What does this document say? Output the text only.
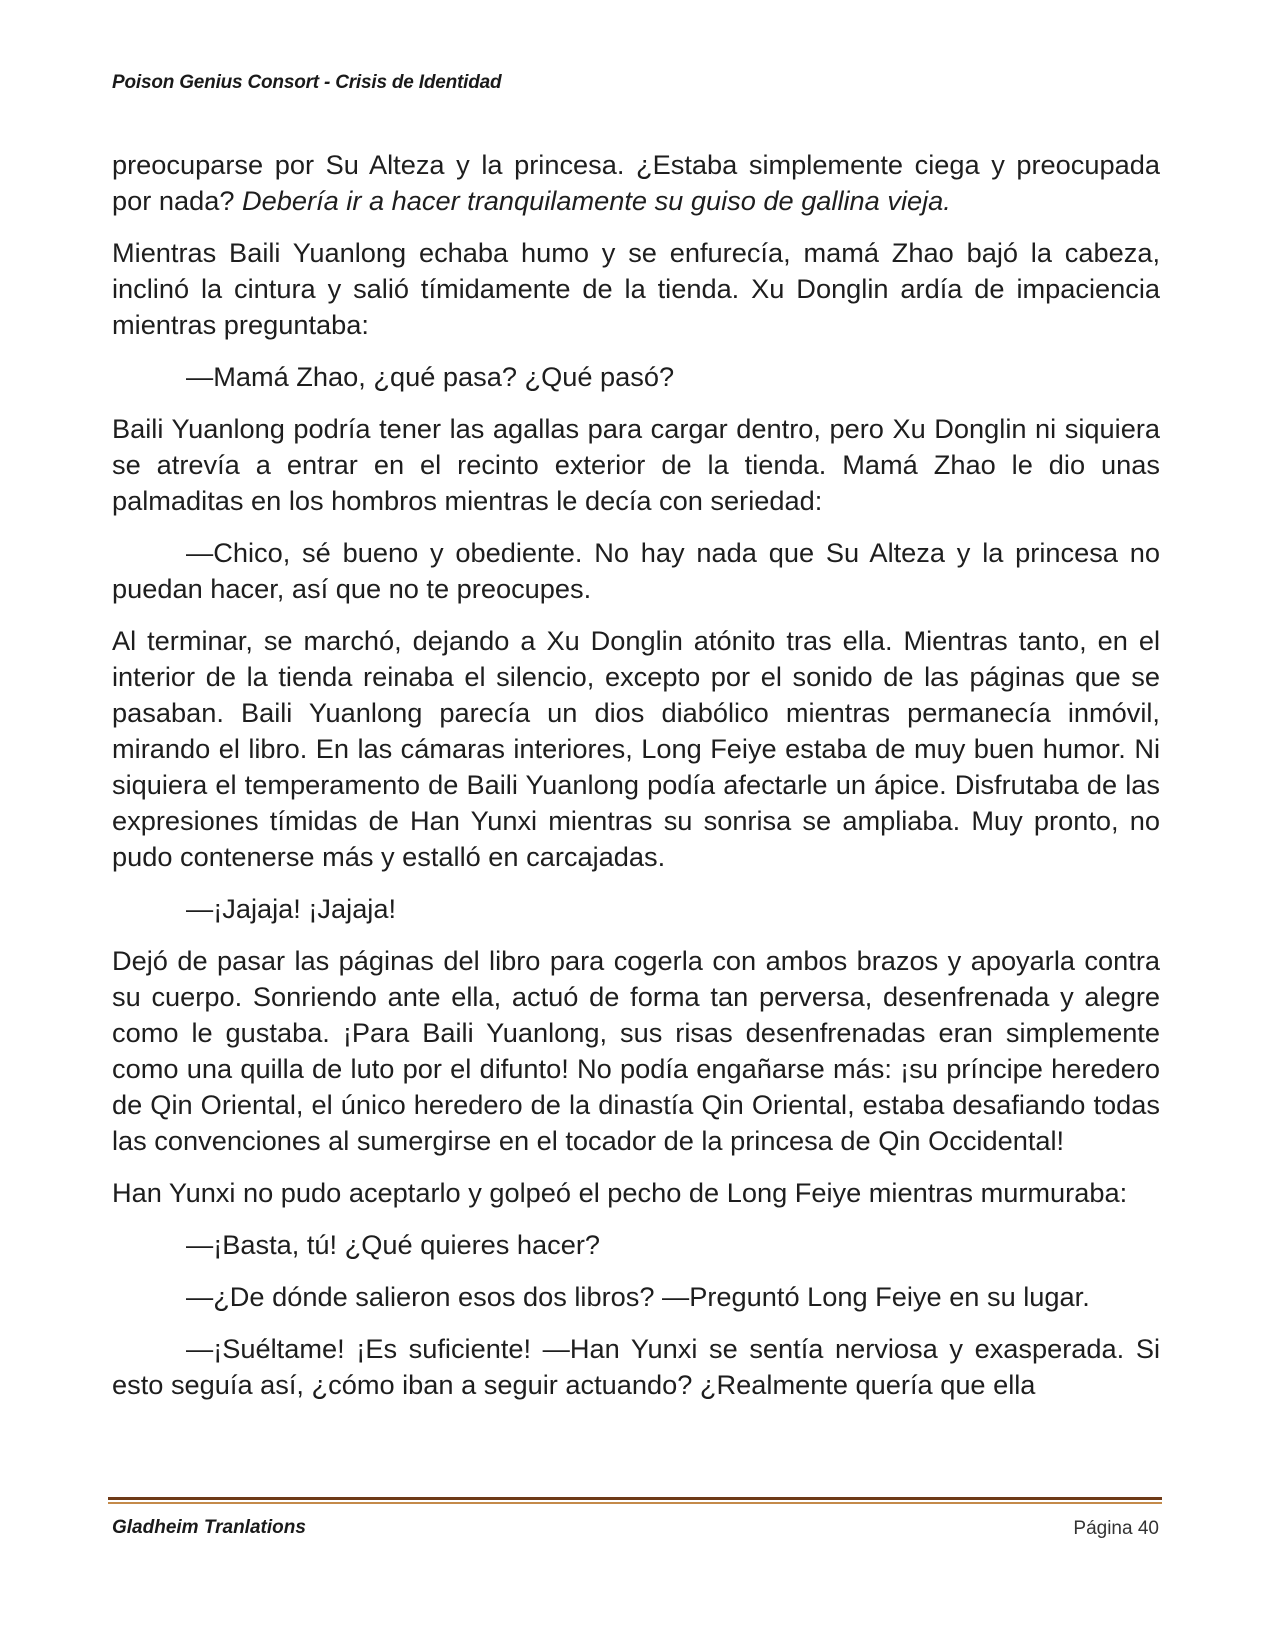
Poison Genius Consort - Crisis de Identidad

preocuparse por Su Alteza y la princesa. ¿Estaba simplemente ciega y preocupada por nada? Debería ir a hacer tranquilamente su guiso de gallina vieja.

Mientras Baili Yuanlong echaba humo y se enfurecía, mamá Zhao bajó la cabeza, inclinó la cintura y salió tímidamente de la tienda. Xu Donglin ardía de impaciencia mientras preguntaba:

—Mamá Zhao, ¿qué pasa? ¿Qué pasó?

Baili Yuanlong podría tener las agallas para cargar dentro, pero Xu Donglin ni siquiera se atrevía a entrar en el recinto exterior de la tienda. Mamá Zhao le dio unas palmaditas en los hombros mientras le decía con seriedad:

—Chico, sé bueno y obediente. No hay nada que Su Alteza y la princesa no puedan hacer, así que no te preocupes.

Al terminar, se marchó, dejando a Xu Donglin atónito tras ella. Mientras tanto, en el interior de la tienda reinaba el silencio, excepto por el sonido de las páginas que se pasaban. Baili Yuanlong parecía un dios diabólico mientras permanecía inmóvil, mirando el libro. En las cámaras interiores, Long Feiye estaba de muy buen humor. Ni siquiera el temperamento de Baili Yuanlong podía afectarle un ápice. Disfrutaba de las expresiones tímidas de Han Yunxi mientras su sonrisa se ampliaba. Muy pronto, no pudo contenerse más y estalló en carcajadas.

—¡Jajaja! ¡Jajaja!

Dejó de pasar las páginas del libro para cogerla con ambos brazos y apoyarla contra su cuerpo. Sonriendo ante ella, actuó de forma tan perversa, desenfrenada y alegre como le gustaba. ¡Para Baili Yuanlong, sus risas desenfrenadas eran simplemente como una quilla de luto por el difunto! No podía engañarse más: ¡su príncipe heredero de Qin Oriental, el único heredero de la dinastía Qin Oriental, estaba desafiando todas las convenciones al sumergirse en el tocador de la princesa de Qin Occidental!

Han Yunxi no pudo aceptarlo y golpeó el pecho de Long Feiye mientras murmuraba:

—¡Basta, tú! ¿Qué quieres hacer?

—¿De dónde salieron esos dos libros? —Preguntó Long Feiye en su lugar.

—¡Suéltame! ¡Es suficiente! —Han Yunxi se sentía nerviosa y exasperada. Si esto seguía así, ¿cómo iban a seguir actuando? ¿Realmente quería que ella

Gladheim Tranlations	Página 40
